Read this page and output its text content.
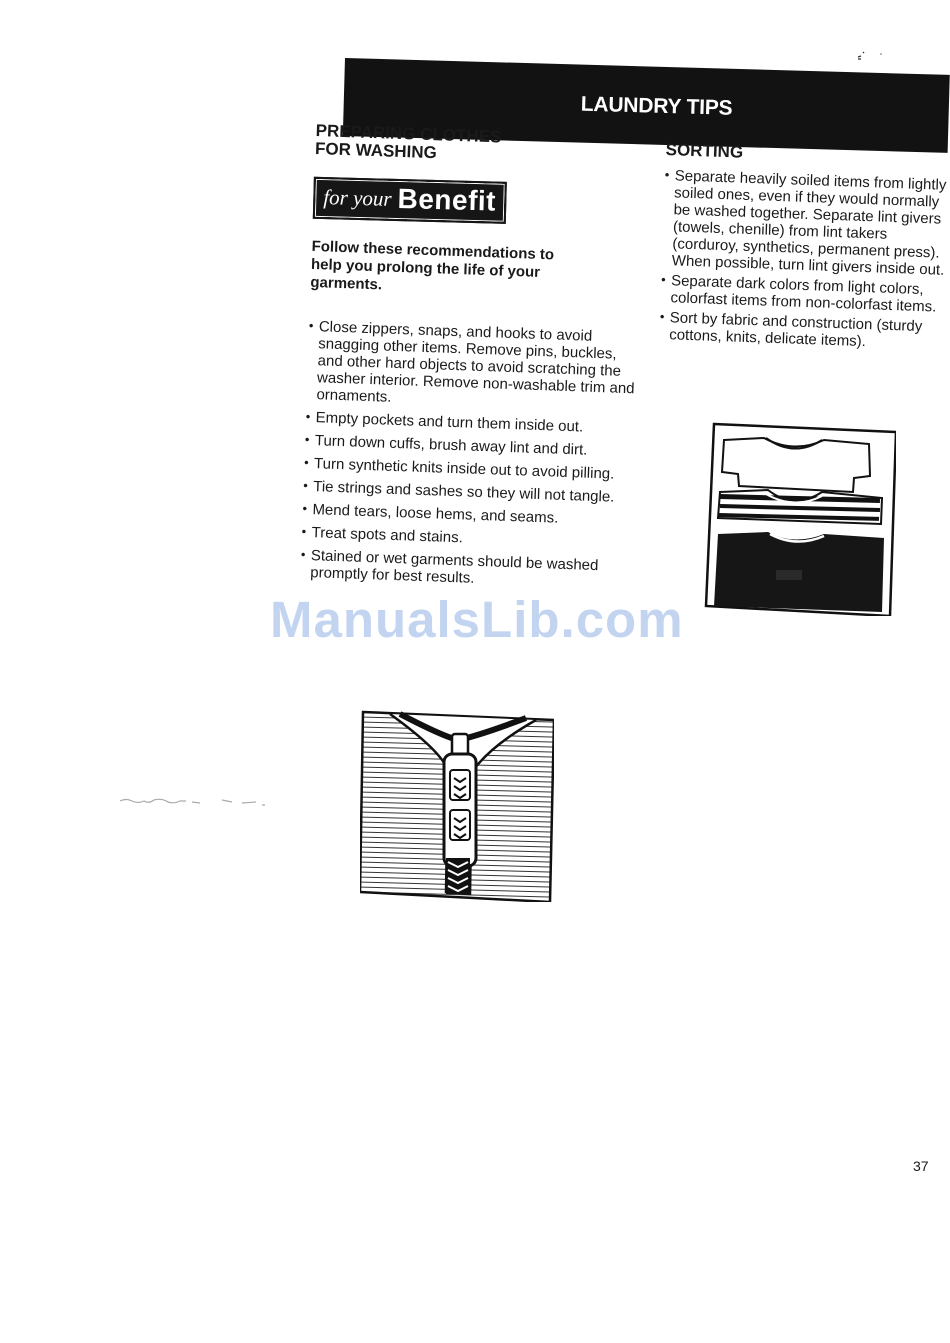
LAUNDRY TIPS
PREPARING CLOTHES
FOR WASHING
for your Benefit

Follow these recommendations to help you prolong the life of your garments.

• Close zippers, snaps, and hooks to avoid snagging other items. Remove pins, buckles, and other hard objects to avoid scratching the washer interior. Remove non-washable trim and ornaments.
• Empty pockets and turn them inside out.
• Turn down cuffs, brush away lint and dirt.
• Turn synthetic knits inside out to avoid pilling.
• Tie strings and sashes so they will not tangle.
• Mend tears, loose hems, and seams.
• Treat spots and stains.
• Stained or wet garments should be washed promptly for best results.
SORTING
• Separate heavily soiled items from lightly soiled ones, even if they would normally be washed together. Separate lint givers (towels, chenille) from lint takers (corduroy, synthetics, permanent press). When possible, turn lint givers inside out.
• Separate dark colors from light colors, colorfast items from non-colorfast items.
• Sort by fabric and construction (sturdy cottons, knits, delicate items).
ManualsLib.com
37
